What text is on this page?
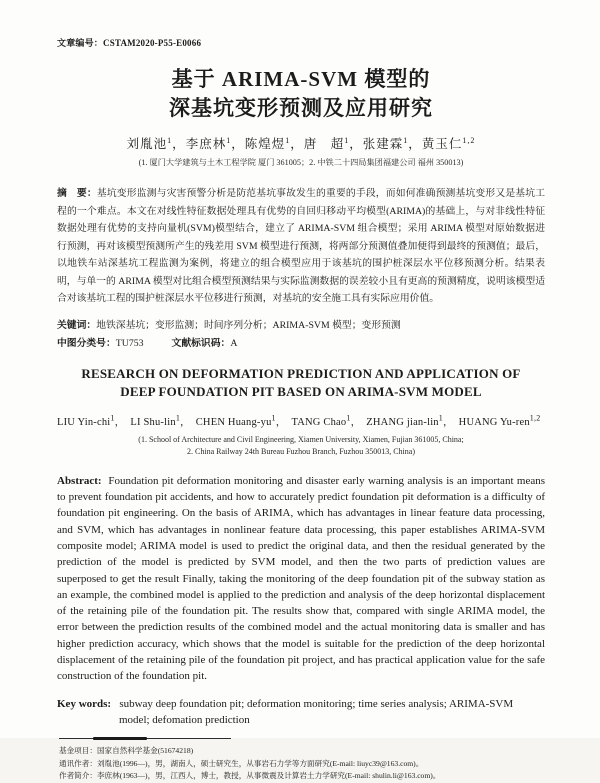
文章编号：CSTAM2020-P55-E0066
基于 ARIMA-SVM 模型的
深基坑变形预测及应用研究
刘胤池$^1$，李庶林$^1$，陈煌煜$^1$，唐　超$^1$，张建霖$^1$，黄玉仁$^{1,2}$
(1. 厦门大学建筑与土木工程学院 厦门 361005；2. 中铁二十四局集团福建公司 福州 350013)

摘　要：基坑变形监测与灾害预警分析是防范基坑事故发生的重要的手段，而如何准确预测基坑变形又是基坑工程的一个难点。本文在对线性特征数据处理具有优势的自回归移动平均模型(ARIMA)的基础上，与对非线性特征数据处理有优势的支持向量机(SVM)模型结合，建立了 ARIMA-SVM 组合模型；采用 ARIMA 模型对原始数据进行预测，再对该模型预测所产生的残差用 SVM 模型进行预测，将两部分预测值叠加便得到最终的预测值；最后，以地铁车站深基坑工程监测为案例，将建立的组合模型应用于该基坑的围护桩深层水平位移预测分析。结果表明，与单一的 ARIMA 模型对比组合模型预测结果与实际监测数据的误差较小且有更高的预测精度，说明该模型适合对该基坑工程的围护桩深层水平位移进行预测，对基坑的安全施工具有实际应用价值。

关键词：地铁深基坑；变形监测；时间序列分析；ARIMA-SVM 模型；变形预测
中图分类号：TU753	文献标识码：A
RESEARCH ON DEFORMATION PREDICTION AND APPLICATION OF
DEEP FOUNDATION PIT BASED ON ARIMA-SVM MODEL
LIU Yin-chi$^1$， LI Shu-lin$^1$， CHEN Huang-$yu^1$， TANG Chao$^1$， ZHANG jian-lin$^1$， HUANG Yu-ren$^{1,2}$
(1. School of Architecture and Civil Engineering, Xiamen University, Xiamen, Fujian 361005, China;
2. China Railway 24th Bureau Fuzhou Branch, Fuzhou 350013, China)

Abstract: Foundation pit deformation monitoring and disaster early warning analysis is an important means to prevent foundation pit accidents, and how to accurately predict foundation pit deformation is a difficulty of foundation pit engineering. On the basis of ARIMA, which has advantages in linear feature data processing, and SVM, which has advantages in nonlinear feature data processing, this paper establishes ARIMA-SVM composite model; ARIMA model is used to predict the original data, and then the residual generated by the prediction of the model is predicted by SVM model, and then the two parts of prediction values are superposed to get the result Finally, taking the monitoring of the deep foundation pit of the subway station as an example, the combined model is applied to the prediction and analysis of the deep horizontal displacement of the retaining pile of the foundation pit. The results show that, compared with single ARIMA model, the error between the prediction results of the combined model and the actual monitoring data is smaller and has higher prediction accuracy, which shows that the model is suitable for the prediction of the deep horizontal displacement of the retaining pile of the foundation pit project, and has practical application value for the safe construction of the foundation pit.

Key words: subway deep foundation pit; deformation monitoring; time series analysis; ARIMA-SVM model; defomation prediction
基金项目：国家自然科学基金(51674218)
通讯作者：刘胤池(1996—)，男，湖南人，硕士研究生，从事岩石力学等方面研究(E-mail: liuyc39@163.com)。
作者简介：李庶林(1963—)，男，江西人，博士，教授，从事微震及计算岩土力学研究(E-mail: shulin.li@163.com)。
